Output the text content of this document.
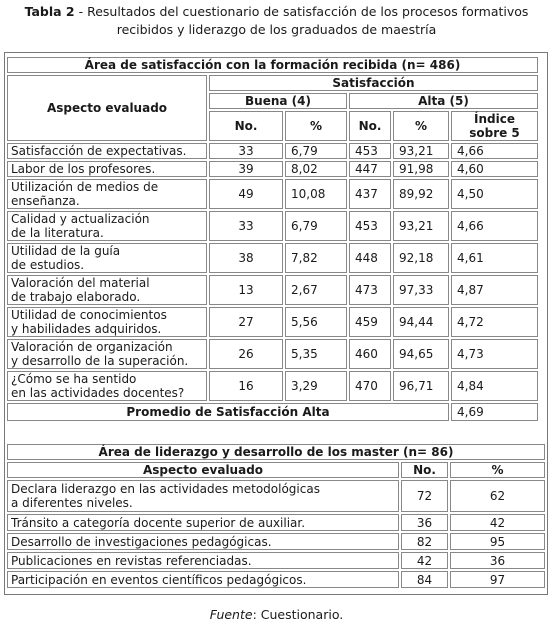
Tabla 2 - Resultados del cuestionario de satisfacción de los procesos formativos
recibidos y liderazgo de los graduados de maestría
Área de satisfacción con la formación recibida (n= 486)					
Aspecto evaluado	Satisfacción				
	Buena (4)		Alta (5)		
	No.	%	No.	%	Índice
sobre 5

Satisfacción de expectativas.	33	6,79	453	93,21	4,66
Labor de los profesores.	39	8,02	447	91,98	4,60

Utilización de medios de
enseñanza.	49	10,08	437	89,92	4,50

Calidad y actualización
de la literatura.	33	6,79	453	93,21	4,66

Utilidad de la guía
de estudios.	38	7,82	448	92,18	4,61

Valoración del material
de trabajo elaborado.	13	2,67	473	97,33	4,87

Utilidad de conocimientos
y habilidades adquiridos.	27	5,56	459	94,44	4,72

Valoración de organización
y desarrollo de la superación.	26	5,35	460	94,65	4,73

¿Cómo se ha sentido
en las actividades docentes?	16	3,29	470	96,71	4,84
Promedio de Satisfacción Alta					4,69
Área de liderazgo y desarrollo de los master (n= 86)		
Aspecto evaluado	No.	%

Declara liderazgo en las actividades metodológicas
a diferentes niveles.	72	62
Tránsito a categoría docente superior de auxiliar.	36	42
Desarrollo de investigaciones pedagógicas.	82	95
Publicaciones en revistas referenciadas.	42	36
Participación en eventos científicos pedagógicos.	84	97
Fuente: Cuestionario.
